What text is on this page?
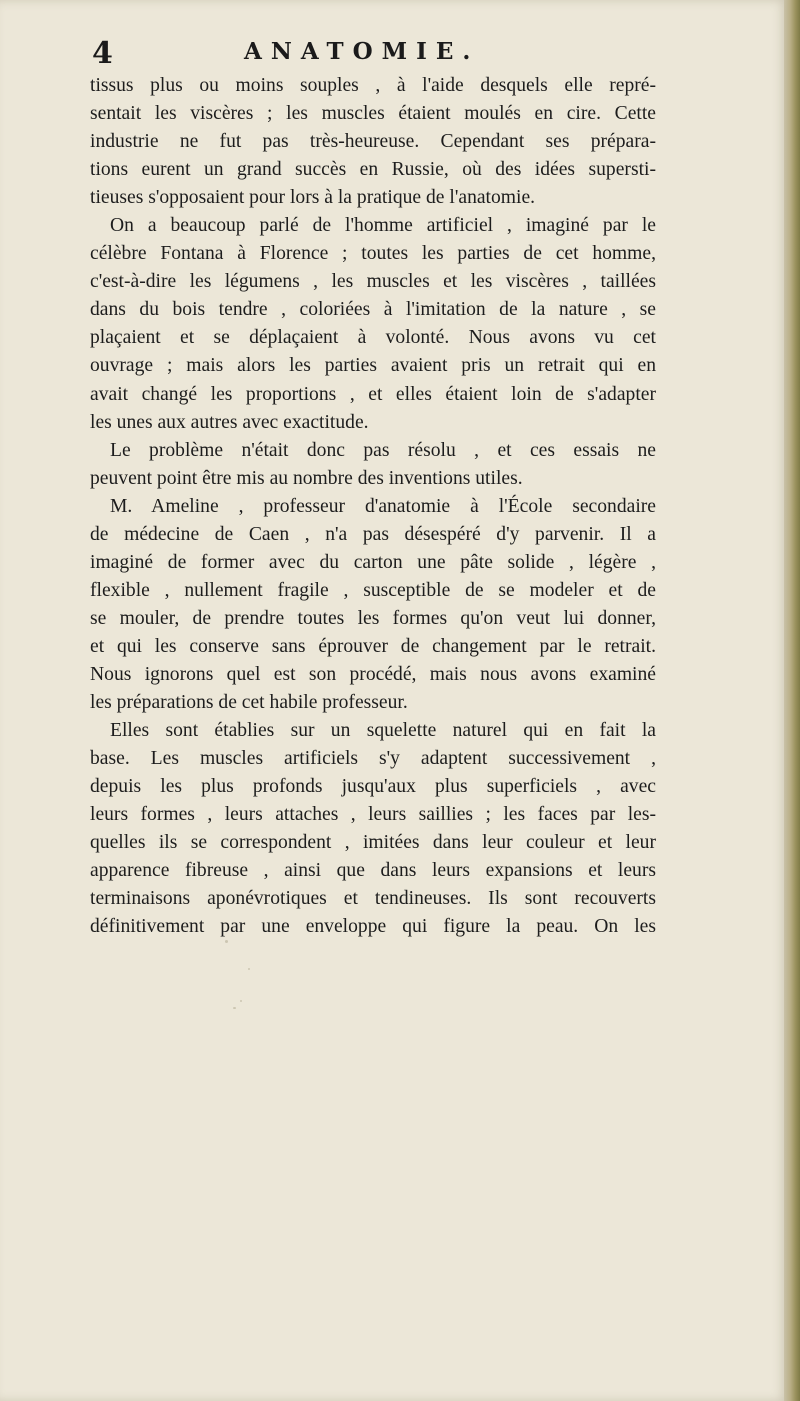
4	ANATOMIE.
tissus plus ou moins souples , à l'aide desquels elle repré-
sentait les viscères ; les muscles étaient moulés en cire. Cette
industrie ne fut pas très-heureuse. Cependant ses prépara-
tions eurent un grand succès en Russie, où des idées supersti-
tieuses s'opposaient pour lors à la pratique de l'anatomie.
On a beaucoup parlé de l'homme artificiel , imaginé par le
célèbre Fontana à Florence ; toutes les parties de cet homme,
c'est-à-dire les légumens , les muscles et les viscères , taillées
dans du bois tendre , coloriées à l'imitation de la nature , se
plaçaient et se déplaçaient à volonté. Nous avons vu cet
ouvrage ; mais alors les parties avaient pris un retrait qui en
avait changé les proportions , et elles étaient loin de s'adapter
les unes aux autres avec exactitude.
Le problème n'était donc pas résolu , et ces essais ne
peuvent point être mis au nombre des inventions utiles.
M. Ameline , professeur d'anatomie à l'École secondaire
de médecine de Caen , n'a pas désespéré d'y parvenir. Il a
imaginé de former avec du carton une pâte solide , légère ,
flexible , nullement fragile , susceptible de se modeler et de
se mouler, de prendre toutes les formes qu'on veut lui donner,
et qui les conserve sans éprouver de changement par le retrait.
Nous ignorons quel est son procédé, mais nous avons examiné
les préparations de cet habile professeur.
Elles sont établies sur un squelette naturel qui en fait la
base. Les muscles artificiels s'y adaptent successivement ,
depuis les plus profonds jusqu'aux plus superficiels , avec
leurs formes , leurs attaches , leurs saillies ; les faces par les-
quelles ils se correspondent , imitées dans leur couleur et leur
apparence fibreuse , ainsi que dans leurs expansions et leurs
terminaisons aponévrotiques et tendineuses. Ils sont recouverts
définitivement par une enveloppe qui figure la peau. On les
